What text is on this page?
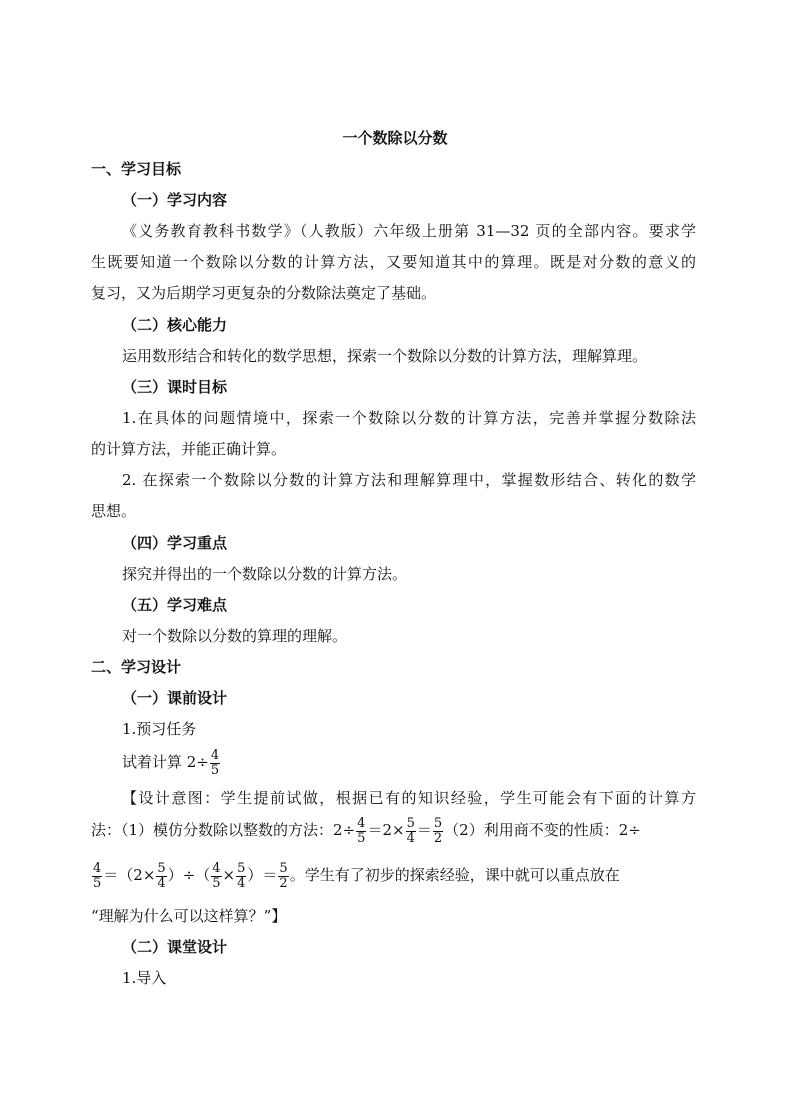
一个数除以分数
一、学习目标
（一）学习内容
《义务教育教科书数学》（人教版）六年级上册第 31—32 页的全部内容。要求学
生既要知道一个数除以分数的计算方法，又要知道其中的算理。既是对分数的意义的
复习，又为后期学习更复杂的分数除法奠定了基础。
（二）核心能力
运用数形结合和转化的数学思想，探索一个数除以分数的计算方法，理解算理。
（三）课时目标
1.在具体的问题情境中，探索一个数除以分数的计算方法，完善并掌握分数除法
的计算方法，并能正确计算。
2. 在探索一个数除以分数的计算方法和理解算理中，掌握数形结合、转化的数学
思想。
（四）学习重点
探究并得出的一个数除以分数的计算方法。
（五）学习难点
对一个数除以分数的算理的理解。
二、学习设计
（一）课前设计
1.预习任务
试着计算 $2\div \frac{4}{5}$
【设计意图：学生提前试做，根据已有的知识经验，学生可能会有下面的计算方
法：（1）模仿分数除以整数的方法：$2\div \frac{4}{5} =2\times \frac{5}{4} = \frac{5}{2} (2)$利用商不变的性质：2÷
$\frac{4}{5} =(2\times \frac{5}{4}$ ）÷（ $\frac{4}{5} \times \frac{5}{4}$ ）＝ $\frac{5}{2}$ 。学生有了初步的探索经验，课中就可以重点放在
“理解为什么可以这样算？”】
（二）课堂设计
1.导入
